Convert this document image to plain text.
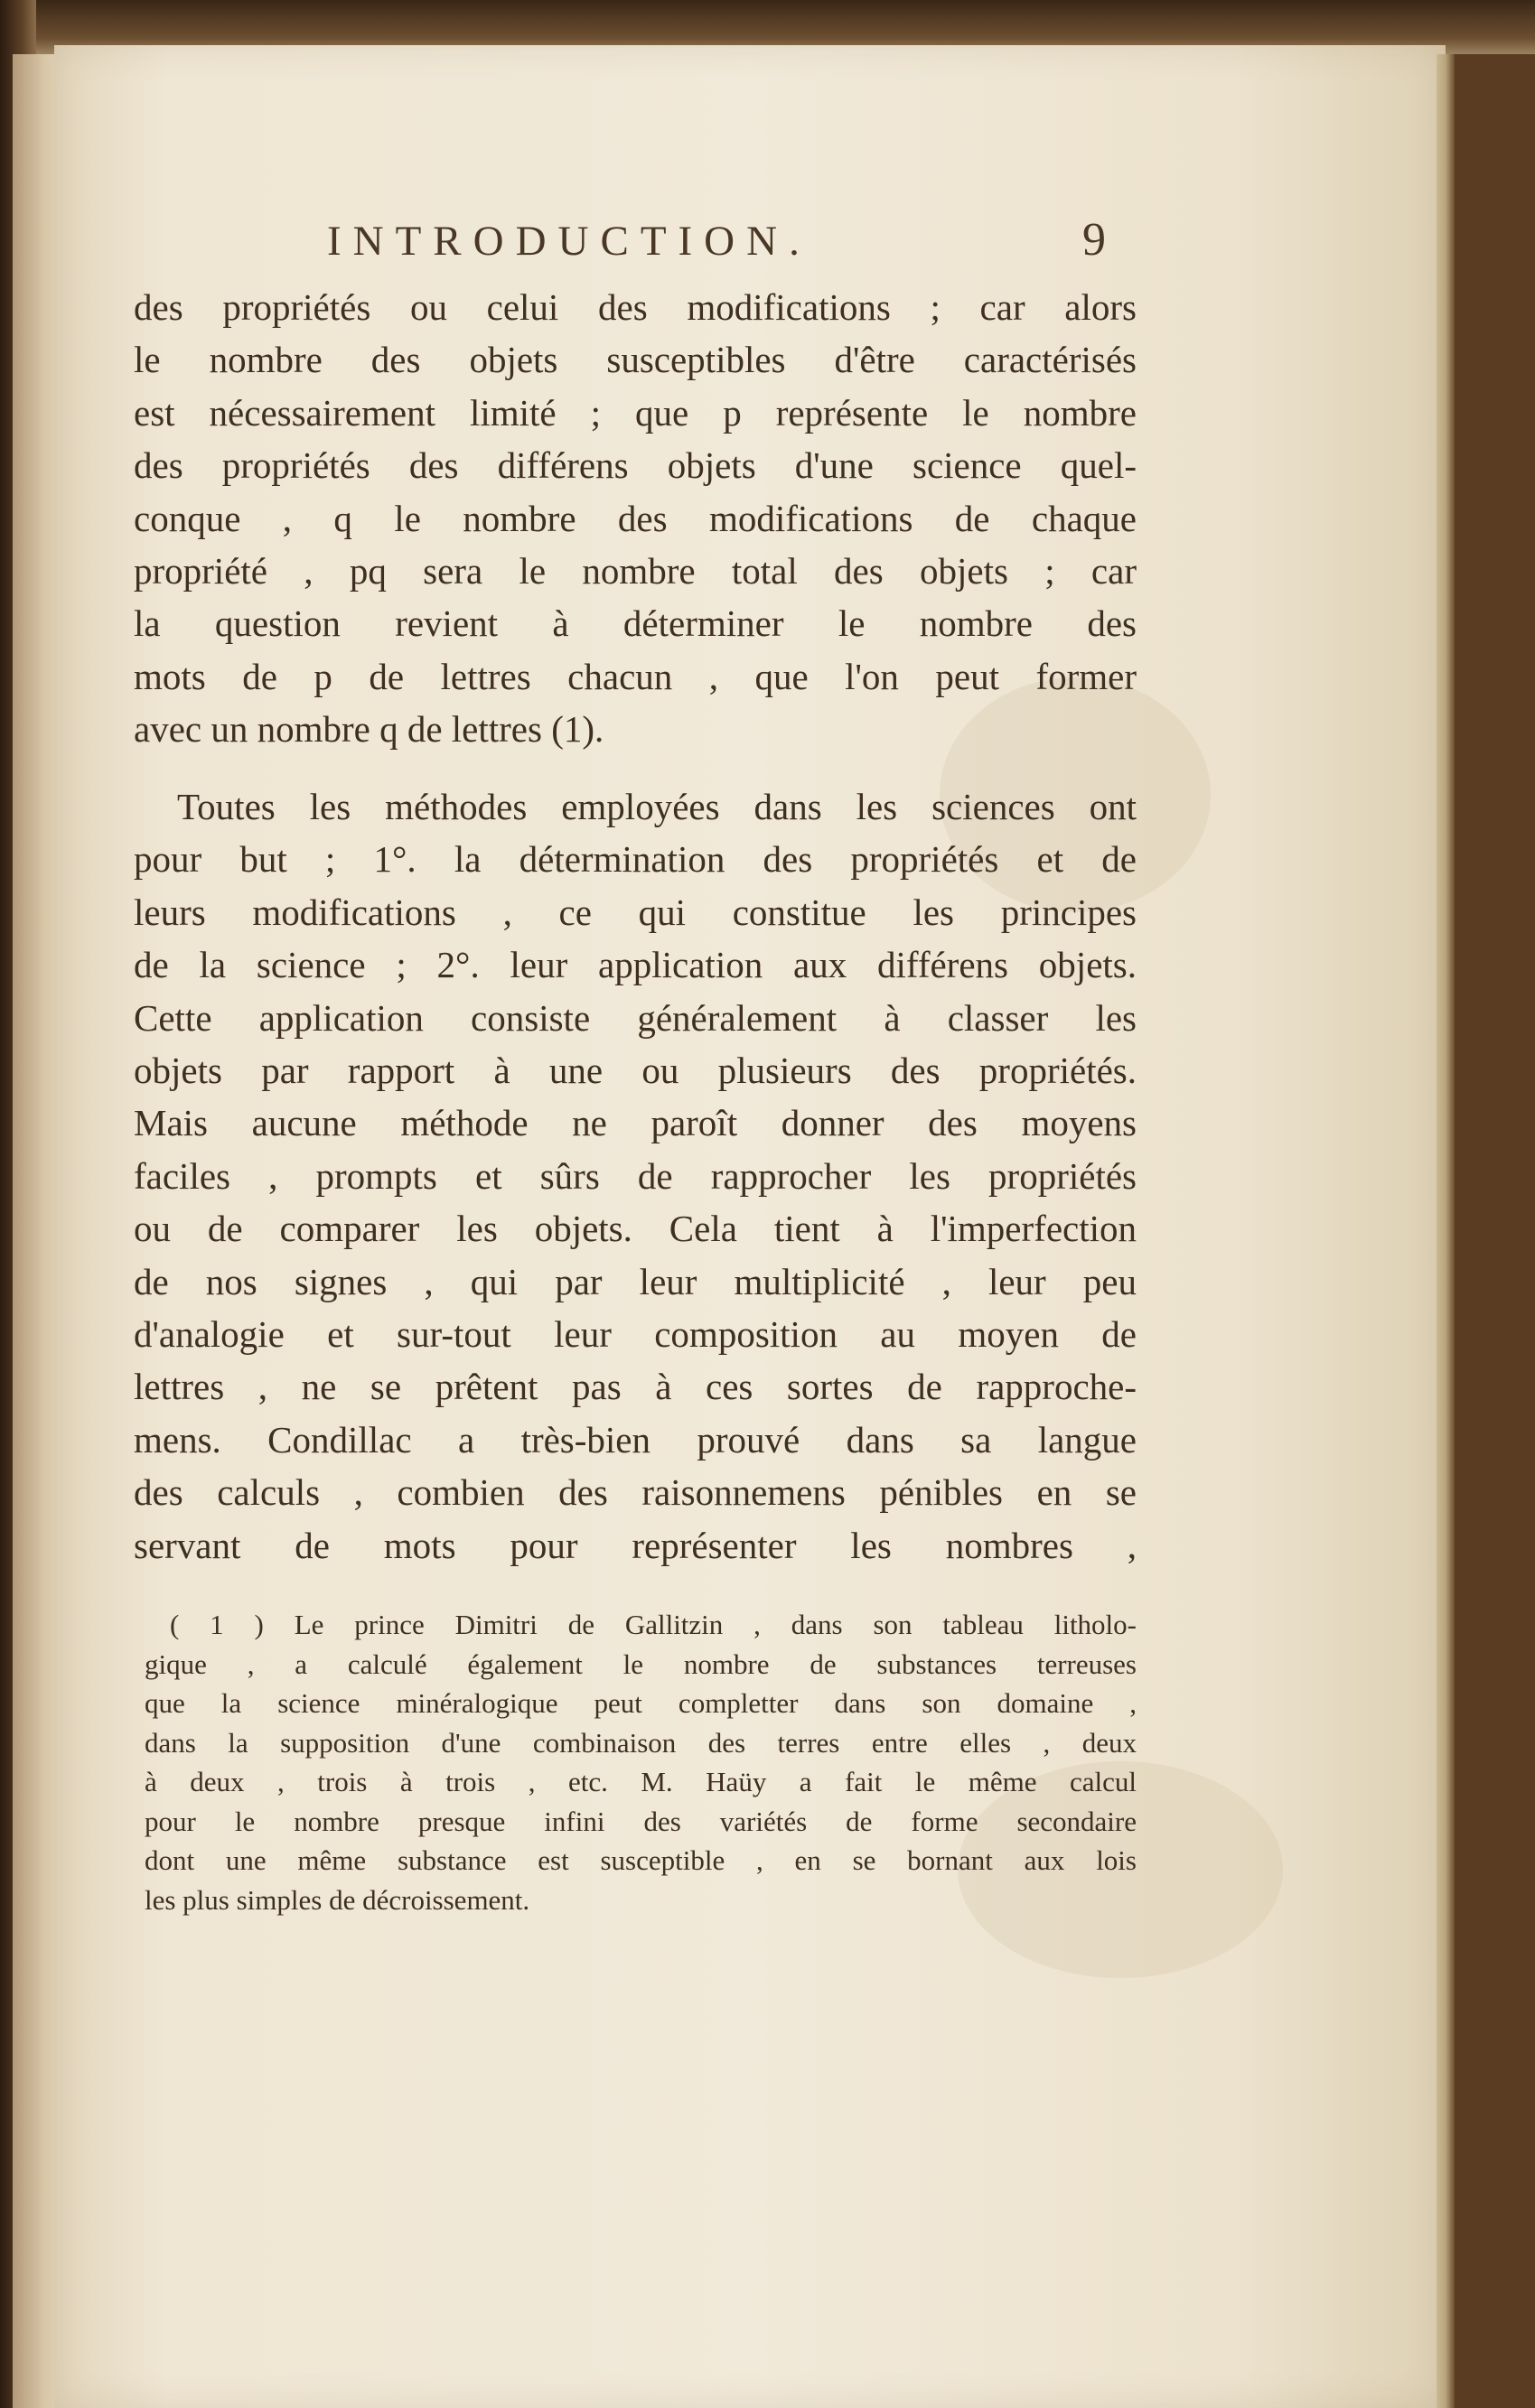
INTRODUCTION.	9
des propriétés ou celui des modifications ; car alors
le nombre des objets susceptibles d'être caractérisés
est nécessairement limité ; que p représente le nombre
des propriétés des différens objets d'une science quel-
conque , q le nombre des modifications de chaque
propriété , pq sera le nombre total des objets ; car
la question revient à déterminer le nombre des
mots de p de lettres chacun , que l'on peut former
avec un nombre q de lettres (1).
Toutes les méthodes employées dans les sciences ont
pour but ; 1°. la détermination des propriétés et de
leurs modifications , ce qui constitue les principes
de la science ; 2°. leur application aux différens objets.
Cette application consiste généralement à classer les
objets par rapport à une ou plusieurs des propriétés.
Mais aucune méthode ne paroît donner des moyens
faciles , prompts et sûrs de rapprocher les propriétés
ou de comparer les objets. Cela tient à l'imperfection
de nos signes , qui par leur multiplicité , leur peu
d'analogie et sur-tout leur composition au moyen de
lettres , ne se prêtent pas à ces sortes de rapproche-
mens. Condillac a très-bien prouvé dans sa langue
des calculs , combien des raisonnemens pénibles en se
servant de mots pour représenter les nombres ,
( 1 ) Le prince Dimitri de Gallitzin , dans son tableau litholo-
gique , a calculé également le nombre de substances terreuses
que la science minéralogique peut completter dans son domaine ,
dans la supposition d'une combinaison des terres entre elles , deux
à deux , trois à trois , etc. M. Haüy a fait le même calcul
pour le nombre presque infini des variétés de forme secondaire
dont une même substance est susceptible , en se bornant aux lois
les plus simples de décroissement.
